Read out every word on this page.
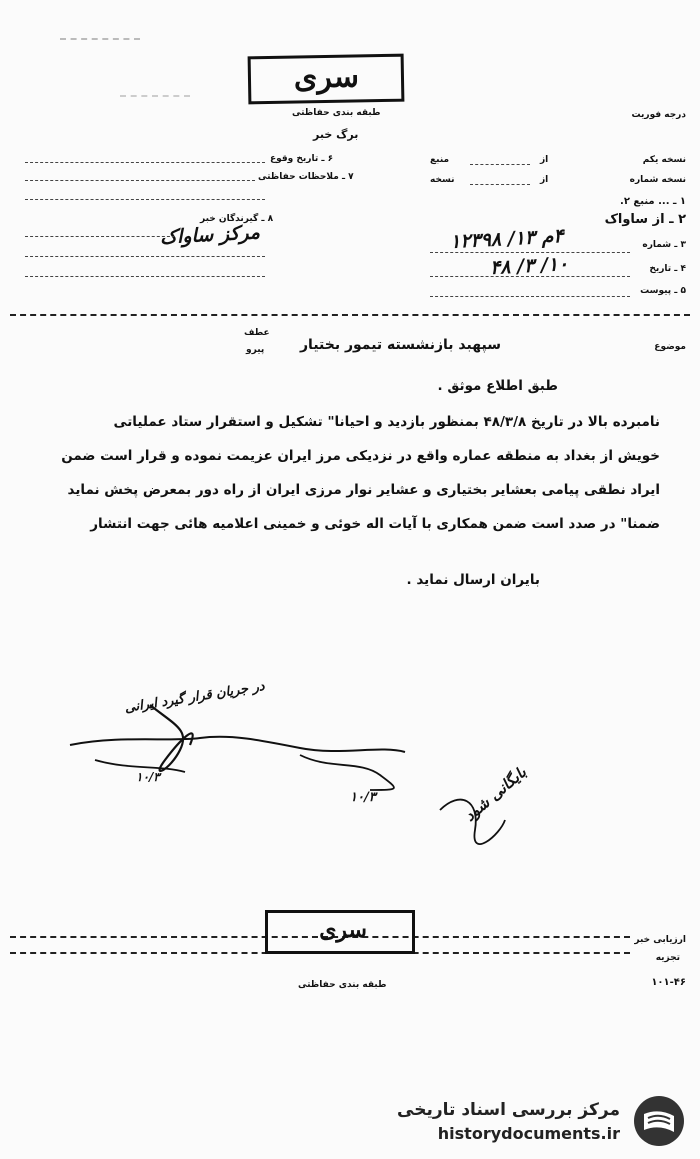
سری
طبقه بندی حفاظتی
برگ خبر
درجه فوریت
۶ ـ تاریخ وقوع
۷ ـ ملاحظات حفاظتی
۸ ـ گیرندگان خبر
مرکز ساواک
نسخه یکم
از
منبع
نسخه شماره
از
نسخه
۱ ـ ... منبع ۲.
۲ ـ از ساواک
۳ ـ شماره
۴م ۱۳/ ۱۲۳۹۸
۴ ـ تاریخ
۱۰/ ۳/ ۴۸
۵ ـ پیوست
عطف
پیرو	سپهبد بازنشسته تیمور بختیار	موضوع
طبق اطلاع موثق .
نامبرده بالا در تاریخ ۴۸/۳/۸ بمنظور بازدید و احیانا" تشکیل و استقرار ستاد عملیاتی
خویش از بغداد به منطقه عماره واقع در نزدیکی مرز ایران عزیمت نموده و قرار است ضمن
ایراد نطقی پیامی بعشایر بختیاری و عشایر نوار مرزی ایران از راه دور بمعرض پخش نماید
ضمنا" در صدد است ضمن همکاری با آیات اله خوئی و خمینی اعلامیه هائی جهت انتشار
بایران ارسال نماید .
در جریان قرار گیرد ایرانی
۱۰/۳
۱۰/۳	بایگانی شود
سری	ارزیابی خبر
تجزیه
۱۰۱-۴۶
طبقه بندی حفاظتی
مرکز بررسی اسناد تاریخی
historydocuments.ir
